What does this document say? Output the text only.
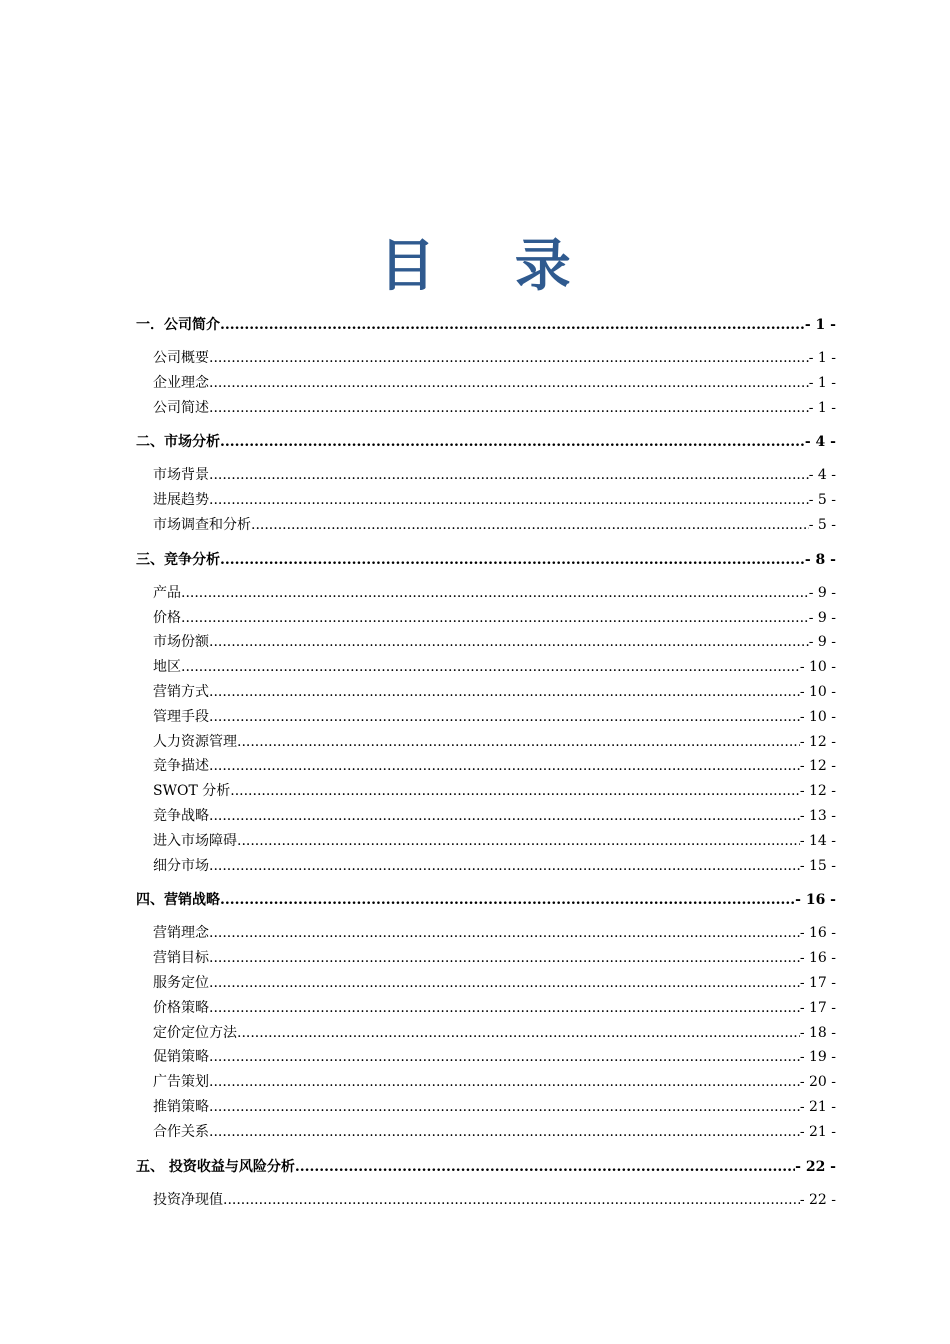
目 录
一．公司简介 .....	- 1 -
公司概要 .....	- 1 -
企业理念 .....	- 1 -
公司简述 .....	- 1 -
二、市场分析 .....	- 4 -
市场背景 .....	- 4 -
进展趋势 .....	- 5 -
市场调查和分析 .....	- 5 -
三、竞争分析 .....	- 8 -
产品 .....	- 9 -
价格 .....	- 9 -
市场份额 .....	- 9 -
地区 .....	- 10 -
营销方式 .....	- 10 -
管理手段 .....	- 10 -
人力资源管理 .....	- 12 -
竞争描述 .....	- 12 -
SWOT 分析 .....	- 12 -
竞争战略 .....	- 13 -
进入市场障碍 .....	- 14 -
细分市场 .....	- 15 -
四、营销战略 .....	- 16 -
营销理念 .....	- 16 -
营销目标 .....	- 16 -
服务定位 .....	- 17 -
价格策略 .....	- 17 -
定价定位方法 .....	- 18 -
促销策略 .....	- 19 -
广告策划 .....	- 20 -
推销策略 .....	- 21 -
合作关系 .....	- 21 -
五、 投资收益与风险分析 .....	- 22 -
投资净现值 .....	- 22 -
